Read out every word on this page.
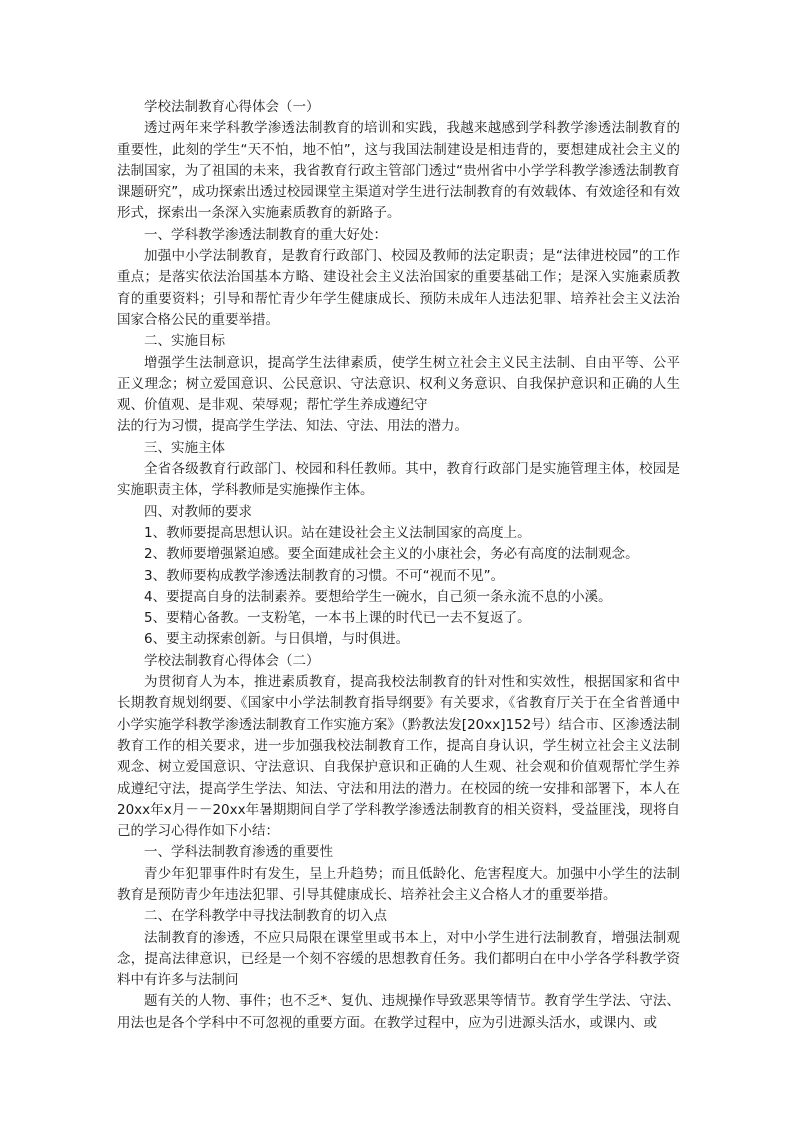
学校法制教育心得体会（一）

透过两年来学科教学渗透法制教育的培训和实践，我越来越感到学科教学渗透法制教育的重要性，此刻的学生“天不怕，地不怕”，这与我国法制建设是相违背的，要想建成社会主义的法制国家，为了祖国的未来，我省教育行政主管部门透过“贵州省中小学学科教学渗透法制教育课题研究”，成功探索出透过校园课堂主渠道对学生进行法制教育的有效载体、有效途径和有效形式，探索出一条深入实施素质教育的新路子。

一、学科教学渗透法制教育的重大好处：

加强中小学法制教育，是教育行政部门、校园及教师的法定职责；是“法律进校园”的工作重点；是落实依法治国基本方略、建设社会主义法治国家的重要基础工作；是深入实施素质教育的重要资料；引导和帮忙青少年学生健康成长、预防未成年人违法犯罪、培养社会主义法治国家合格公民的重要举措。

二、实施目标

增强学生法制意识，提高学生法律素质，使学生树立社会主义民主法制、自由平等、公平正义理念；树立爱国意识、公民意识、守法意识、权利义务意识、自我保护意识和正确的人生观、价值观、是非观、荣辱观；帮忙学生养成遵纪守

法的行为习惯，提高学生学法、知法、守法、用法的潜力。

三、实施主体

全省各级教育行政部门、校园和科任教师。其中，教育行政部门是实施管理主体，校园是实施职责主体，学科教师是实施操作主体。

四、对教师的要求

1、教师要提高思想认识。站在建设社会主义法制国家的高度上。

2、教师要增强紧迫感。要全面建成社会主义的小康社会，务必有高度的法制观念。

3、教师要构成教学渗透法制教育的习惯。不可“视而不见”。

4、要提高自身的法制素养。要想给学生一碗水，自己须一条永流不息的小溪。

5、要精心备教。一支粉笔，一本书上课的时代已一去不复返了。

6、要主动探索创新。与日俱增，与时俱进。

学校法制教育心得体会（二）

为贯彻育人为本，推进素质教育，提高我校法制教育的针对性和实效性，根据国家和省中长期教育规划纲要、《国家中小学法制教育指导纲要》有关要求，《省教育厅关于在全省普通中小学实施学科教学渗透法制教育工作实施方案》（黔教法发[20xx]152号）结合市、区渗透法制教育工作的相关要求，进一步加强我校法制教育工作，提高自身认识，学生树立社会主义法制观念、树立爱国意识、守法意识、自我保护意识和正确的人生观、社会观和价值观帮忙学生养成遵纪守法，提高学生学法、知法、守法和用法的潜力。在校园的统一安排和部署下，本人在20xx年x月－－20xx年暑期期间自学了学科教学渗透法制教育的相关资料，受益匪浅，现将自己的学习心得作如下小结：

一、学科法制教育渗透的重要性

青少年犯罪事件时有发生，呈上升趋势；而且低龄化、危害程度大。加强中小学生的法制教育是预防青少年违法犯罪、引导其健康成长、培养社会主义合格人才的重要举措。

二、在学科教学中寻找法制教育的切入点

法制教育的渗透，不应只局限在课堂里或书本上，对中小学生进行法制教育，增强法制观念，提高法律意识，已经是一个刻不容缓的思想教育任务。我们都明白在中小学各学科教学资料中有许多与法制问

题有关的人物、事件；也不乏*、复仇、违规操作导致恶果等情节。教育学生学法、守法、用法也是各个学科中不可忽视的重要方面。在教学过程中，应为引进源头活水，或课内、或
